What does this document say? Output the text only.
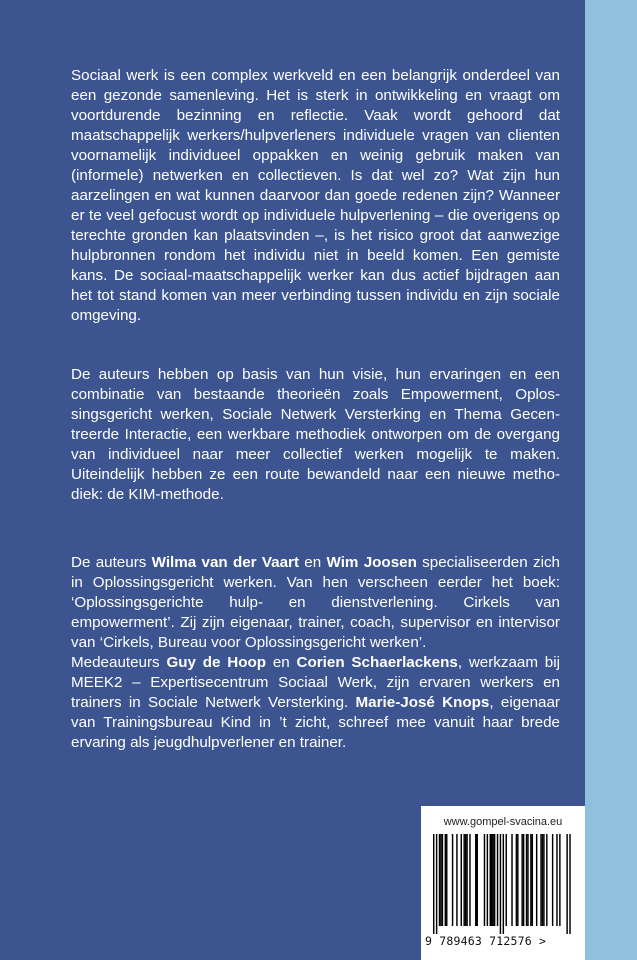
Sociaal werk is een complex werkveld en een belangrijk onderdeel van een gezonde samenleving. Het is sterk in ontwikkeling en vraagt om voortdurende bezinning en reflectie. Vaak wordt gehoord dat maatschappelijk werkers/hulpverleners individuele vragen van clienten voornamelijk individueel oppakken en weinig gebruik maken van (informele) netwerken en collectieven. Is dat wel zo? Wat zijn hun aarzelingen en wat kunnen daarvoor dan goede redenen zijn? Wanneer er te veel gefocust wordt op individuele hulpverlening – die overigens op terechte gronden kan plaatsvinden –, is het risico groot dat aanwezige hulpbronnen rondom het individu niet in beeld komen. Een gemiste kans. De sociaal-maatschappelijk werker kan dus actief bijdragen aan het tot stand komen van meer verbinding tussen individu en zijn sociale omgeving.

De auteurs hebben op basis van hun visie, hun ervaringen en een combinatie van bestaande theorieën zoals Empowerment, Oplossingsgericht werken, Sociale Netwerk Versterking en Thema Gecentreerde Interactie, een werkbare methodiek ontworpen om de overgang van individueel naar meer collectief werken mogelijk te maken. Uiteindelijk hebben ze een route bewandeld naar een nieuwe methodiek: de KIM-methode.

De auteurs Wilma van der Vaart en Wim Joosen specialiseerden zich in Oplossingsgericht werken. Van hen verscheen eerder het boek: ‘Oplossingsgerichte hulp- en dienstverlening. Cirkels van empowerment’. Zij zijn eigenaar, trainer, coach, supervisor en intervisor van ‘Cirkels, Bureau voor Oplossingsgericht werken’.
Medeauteurs Guy de Hoop en Corien Schaerlackens, werkzaam bij MEEK2 – Expertisecentrum Sociaal Werk, zijn ervaren werkers en trainers in Sociale Netwerk Versterking. Marie-José Knops, eigenaar van Trainingsbureau Kind in ’t zicht, schreef mee vanuit haar brede ervaring als jeugdhulpverlener en trainer.

www.gompel-svacina.eu
9 789463 712576 >
